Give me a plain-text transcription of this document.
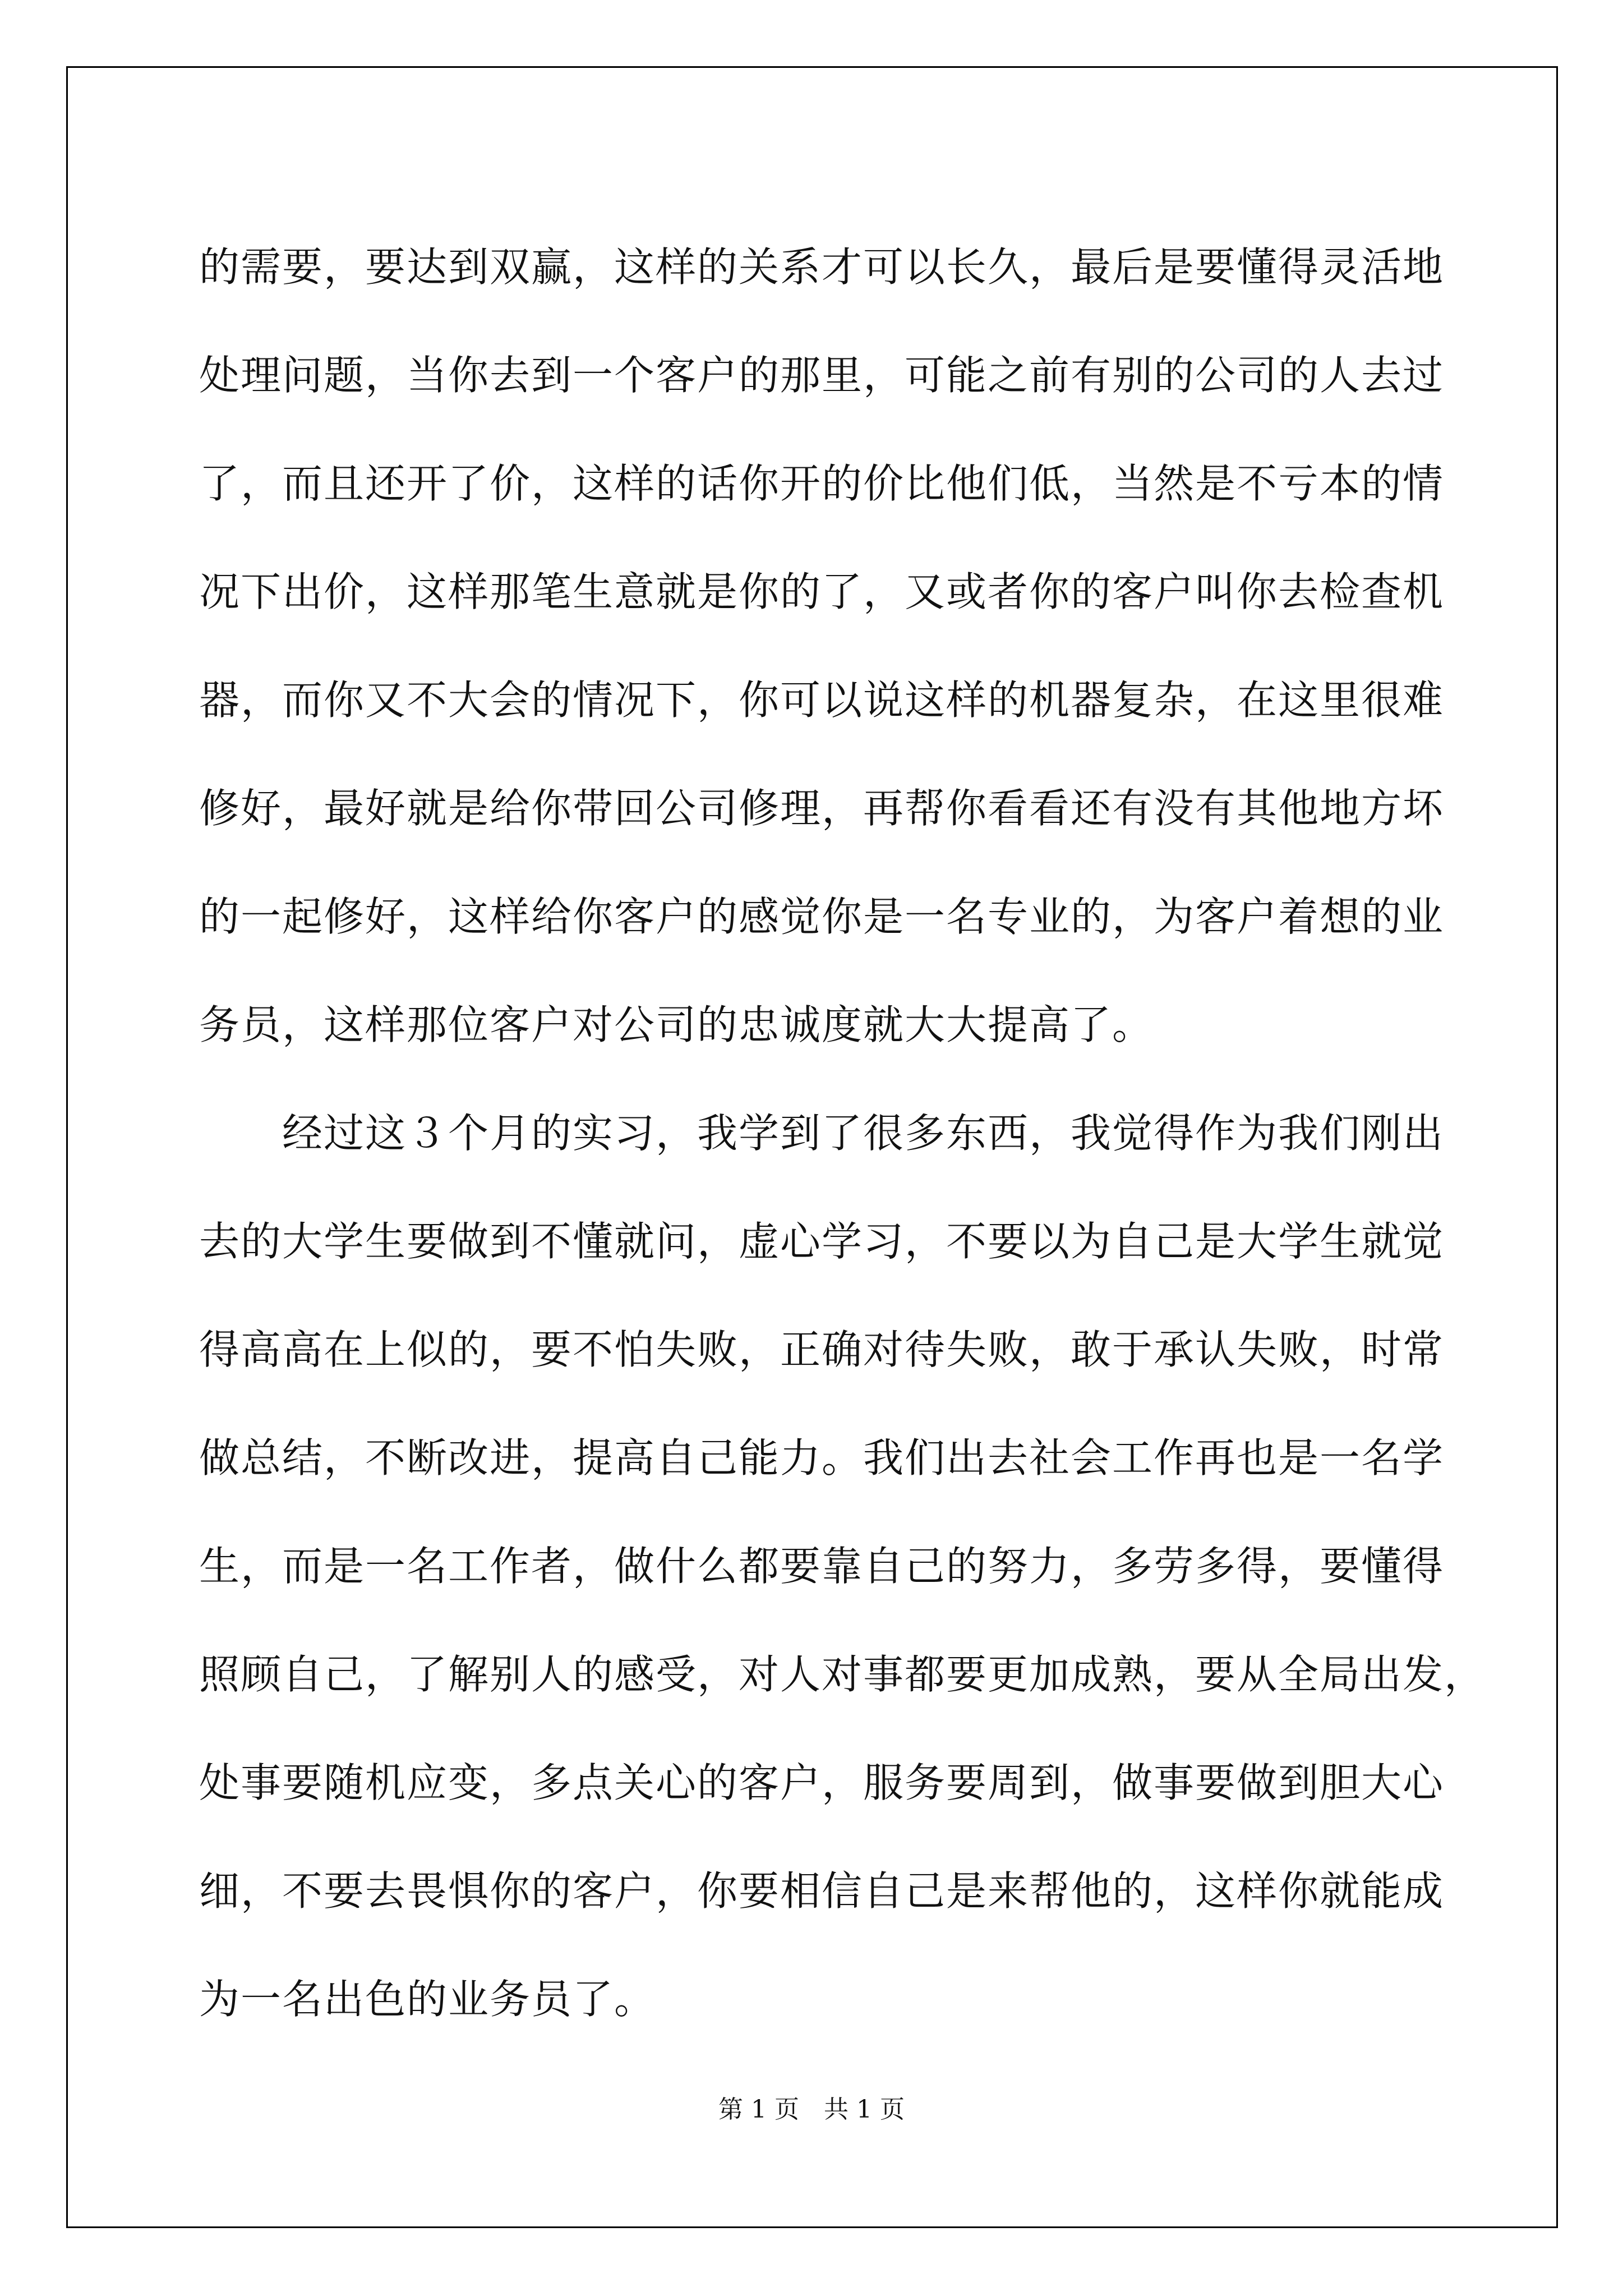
的需要，要达到双赢，这样的关系才可以长久，最后是要懂得灵活地
处理问题，当你去到一个客户的那里，可能之前有别的公司的人去过
了，而且还开了价，这样的话你开的价比他们低，当然是不亏本的情
况下出价，这样那笔生意就是你的了，又或者你的客户叫你去检查机
器，而你又不大会的情况下，你可以说这样的机器复杂，在这里很难
修好，最好就是给你带回公司修理，再帮你看看还有没有其他地方坏
的一起修好，这样给你客户的感觉你是一名专业的，为客户着想的业
务员，这样那位客户对公司的忠诚度就大大提高了。
　　经过这３个月的实习，我学到了很多东西，我觉得作为我们刚出
去的大学生要做到不懂就问，虚心学习，不要以为自己是大学生就觉
得高高在上似的，要不怕失败，正确对待失败，敢于承认失败，时常
做总结，不断改进，提高自己能力。我们出去社会工作再也是一名学
生，而是一名工作者，做什么都要靠自己的努力，多劳多得，要懂得
照顾自己，了解别人的感受，对人对事都要更加成熟，要从全局出发，
处事要随机应变，多点关心的客户，服务要周到，做事要做到胆大心
细，不要去畏惧你的客户，你要相信自己是来帮他的，这样你就能成
为一名出色的业务员了。
第 1 页　共 1 页
